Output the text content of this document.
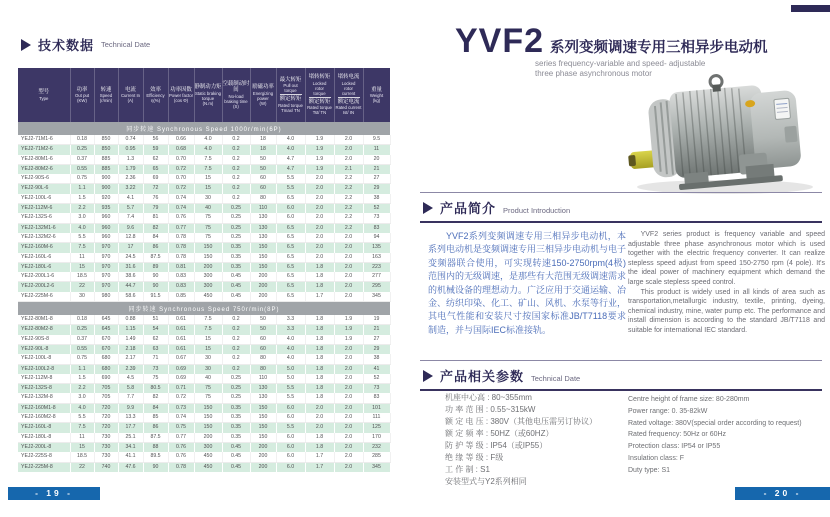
技术数据 Technical Date
型号
Type

功率
Out put
(KW)

转速
Speed
(r/min)

电流
Current In
(A)

效率
Efficiency
η(%)

功率因数
Power factor
(cos Φ)

静制动力矩
Static braking torque
(N.m)

空载制动时间
No-load braking time
(S)

励磁功率
Energizing power
(W)

最大转矩
Pull out torque
额定转矩
Rated torque
Tmax/ TN

堵转转矩
Locked rotor torque
额定转矩
Rated torque
Tst/ TN

堵转电流
Locked rotor current
额定电流
Rated current
Ist/ IN

重量
Weight
(kg)

同步转速 Synchronous Speed 1000r/min(6P)												
YEJ2-71M1-6	0.18	850	0.74	56	0.66	4.0	0.2	18	4.0	1.9	2.0	9.5
YEJ2-71M2-6	0.25	850	0.95	59	0.68	4.0	0.2	18	4.0	1.9	2.0	11
YEJ2-80M1-6	0.37	885	1.3	62	0.70	7.5	0.2	50	4.7	1.9	2.0	20
YEJ2-80M2-6	0.55	885	1.79	65	0.72	7.5	0.2	50	4.7	1.9	2.1	21
YEJ2-90S-6	0.75	900	2.36	69	0.70	15	0.2	60	5.5	2.0	2.2	27
YEJ2-90L-6	1.1	900	3.22	72	0.72	15	0.2	60	5.5	2.0	2.2	29
YEJ2-100L-6	1.5	920	4.1	76	0.74	30	0.2	80	6.5	2.0	2.2	38
YEJ2-112M-6	2.2	935	5.7	79	0.74	40	0.25	110	6.0	2.0	2.2	52
YEJ2-132S-6	3.0	960	7.4	81	0.76	75	0.25	130	6.0	2.0	2.2	73
YEJ2-132M1-6	4.0	960	9.6	82	0.77	75	0.25	130	6.5	2.0	2.2	83
YEJ2-132M2-6	5.5	960	12.8	84	0.78	75	0.25	130	6.5	2.0	2.0	94
YEJ2-160M-6	7.5	970	17	86	0.78	150	0.35	150	6.5	2.0	2.0	135
YEJ2-160L-6	11	970	24.5	87.5	0.78	150	0.35	150	6.5	2.0	2.0	163
YEJ2-180L-6	15	970	31.6	89	0.81	200	0.35	150	6.5	1.8	2.0	223
YEJ2-200L1-6	18.5	970	38.6	90	0.83	300	0.45	200	6.5	1.8	2.0	277
YEJ2-200L2-6	22	970	44.7	90	0.83	300	0.45	200	6.5	1.8	2.0	295
YEJ2-225M-6	30	980	58.6	91.5	0.85	450	0.45	200	6.5	1.7	2.0	345
同步转速 Synchronous Speed 750r/min(8P)												
YEJ2-80M1-8	0.18	645	0.88	51	0.61	7.5	0.2	50	3.3	1.8	1.9	19
YEJ2-80M2-8	0.25	645	1.15	54	0.61	7.5	0.2	50	3.3	1.8	1.9	21
YEJ2-90S-8	0.37	670	1.49	62	0.61	15	0.2	60	4.0	1.8	1.9	27
YEJ2-90L-8	0.55	670	2.18	63	0.61	15	0.2	60	4.0	1.8	2.0	29
YEJ2-100L-8	0.75	680	2.17	71	0.67	30	0.2	80	4.0	1.8	2.0	38
YEJ2-100L2-8	1.1	680	2.39	73	0.69	30	0.2	80	5.0	1.8	2.0	41
YEJ2-112M-8	1.5	690	4.5	75	0.69	40	0.25	110	5.0	1.8	2.0	52
YEJ2-132S-8	2.2	705	5.8	80.5	0.71	75	0.25	130	5.5	1.8	2.0	73
YEJ2-132M-8	3.0	705	7.7	82	0.72	75	0.25	130	5.5	1.8	2.0	83
YEJ2-160M1-8	4.0	720	9.9	84	0.73	150	0.35	150	6.0	2.0	2.0	101
YEJ2-160M2-8	5.5	720	13.3	85	0.74	150	0.35	150	6.0	2.0	2.0	111
YEJ2-160L-8	7.5	720	17.7	86	0.75	150	0.35	150	5.5	2.0	2.0	125
YEJ2-180L-8	11	730	25.1	87.5	0.77	200	0.35	150	6.0	1.8	2.0	170
YEJ2-200L-8	15	730	34.1	88	0.76	300	0.45	200	6.0	1.8	2.0	232
YEJ2-225S-8	18.5	730	41.1	89.5	0.76	450	0.45	200	6.0	1.7	2.0	285
YEJ2-225M-8	22	740	47.6	90	0.78	450	0.45	200	6.0	1.7	2.0	345
- 19 -
YVF2 系列变频调速专用三相异步电动机
series frequency-variable and speed- adjustable
three phase asynchronous motor
产品简介 Product Introduction
YVF2系列变频调速专用三相异步电动机，本系列电动机是变频调速专用三相异步电动机与电子变频器联合使用，可实现转速150-2750rpm(4极)范围内的无级调速，是那些有大范围无级调速需求的机械设备的理想动力。广泛应用于交通运输、冶金、纺织印染、化工、矿山、风机、水泵等行业，其电气性能和安装尺寸按国家标准JB/T7118要求制造，并与国际IEC标准接轨。

YVF2 series product is frequency variable and speed adjustable three phase asynchronous motor which is used together with the electric frequency converter. It can realize stepless speed adjust from speed 150-2750 rpm (4 pole). It's the ideal power of machinery equipment which demand the large scale stepless speed control.

This product is widely used in all kinds of area such as transportation,metallurgic industry, textile, printing, dyeing, chemical industry, mine, water pump etc. The performance and install dimension is according to the standard JB/T7118 and suitable for international IEC standard.

产品相关参数 Technical Date
机座中心高 : 80~355mm
功 率 范 围 : 0.55~315kW
额 定 电 压 : 380V（其他电压需另订协议）
额 定 频 率 : 50HZ（或60HZ）
防 护 等 级 : IP54（或IP55）
绝 缘 等 级 : F级
工 作 制 : S1
安装型式与Y2系列相同
Centre height of frame size: 80-280mm
Power range: 0. 35-82kW
Rated voltage: 380V(special order according to request)
Rated frequency: 50Hz or 60Hz
Protection class: IP54 or IP55
Insulation class: F
Duty type: S1
- 20 -
